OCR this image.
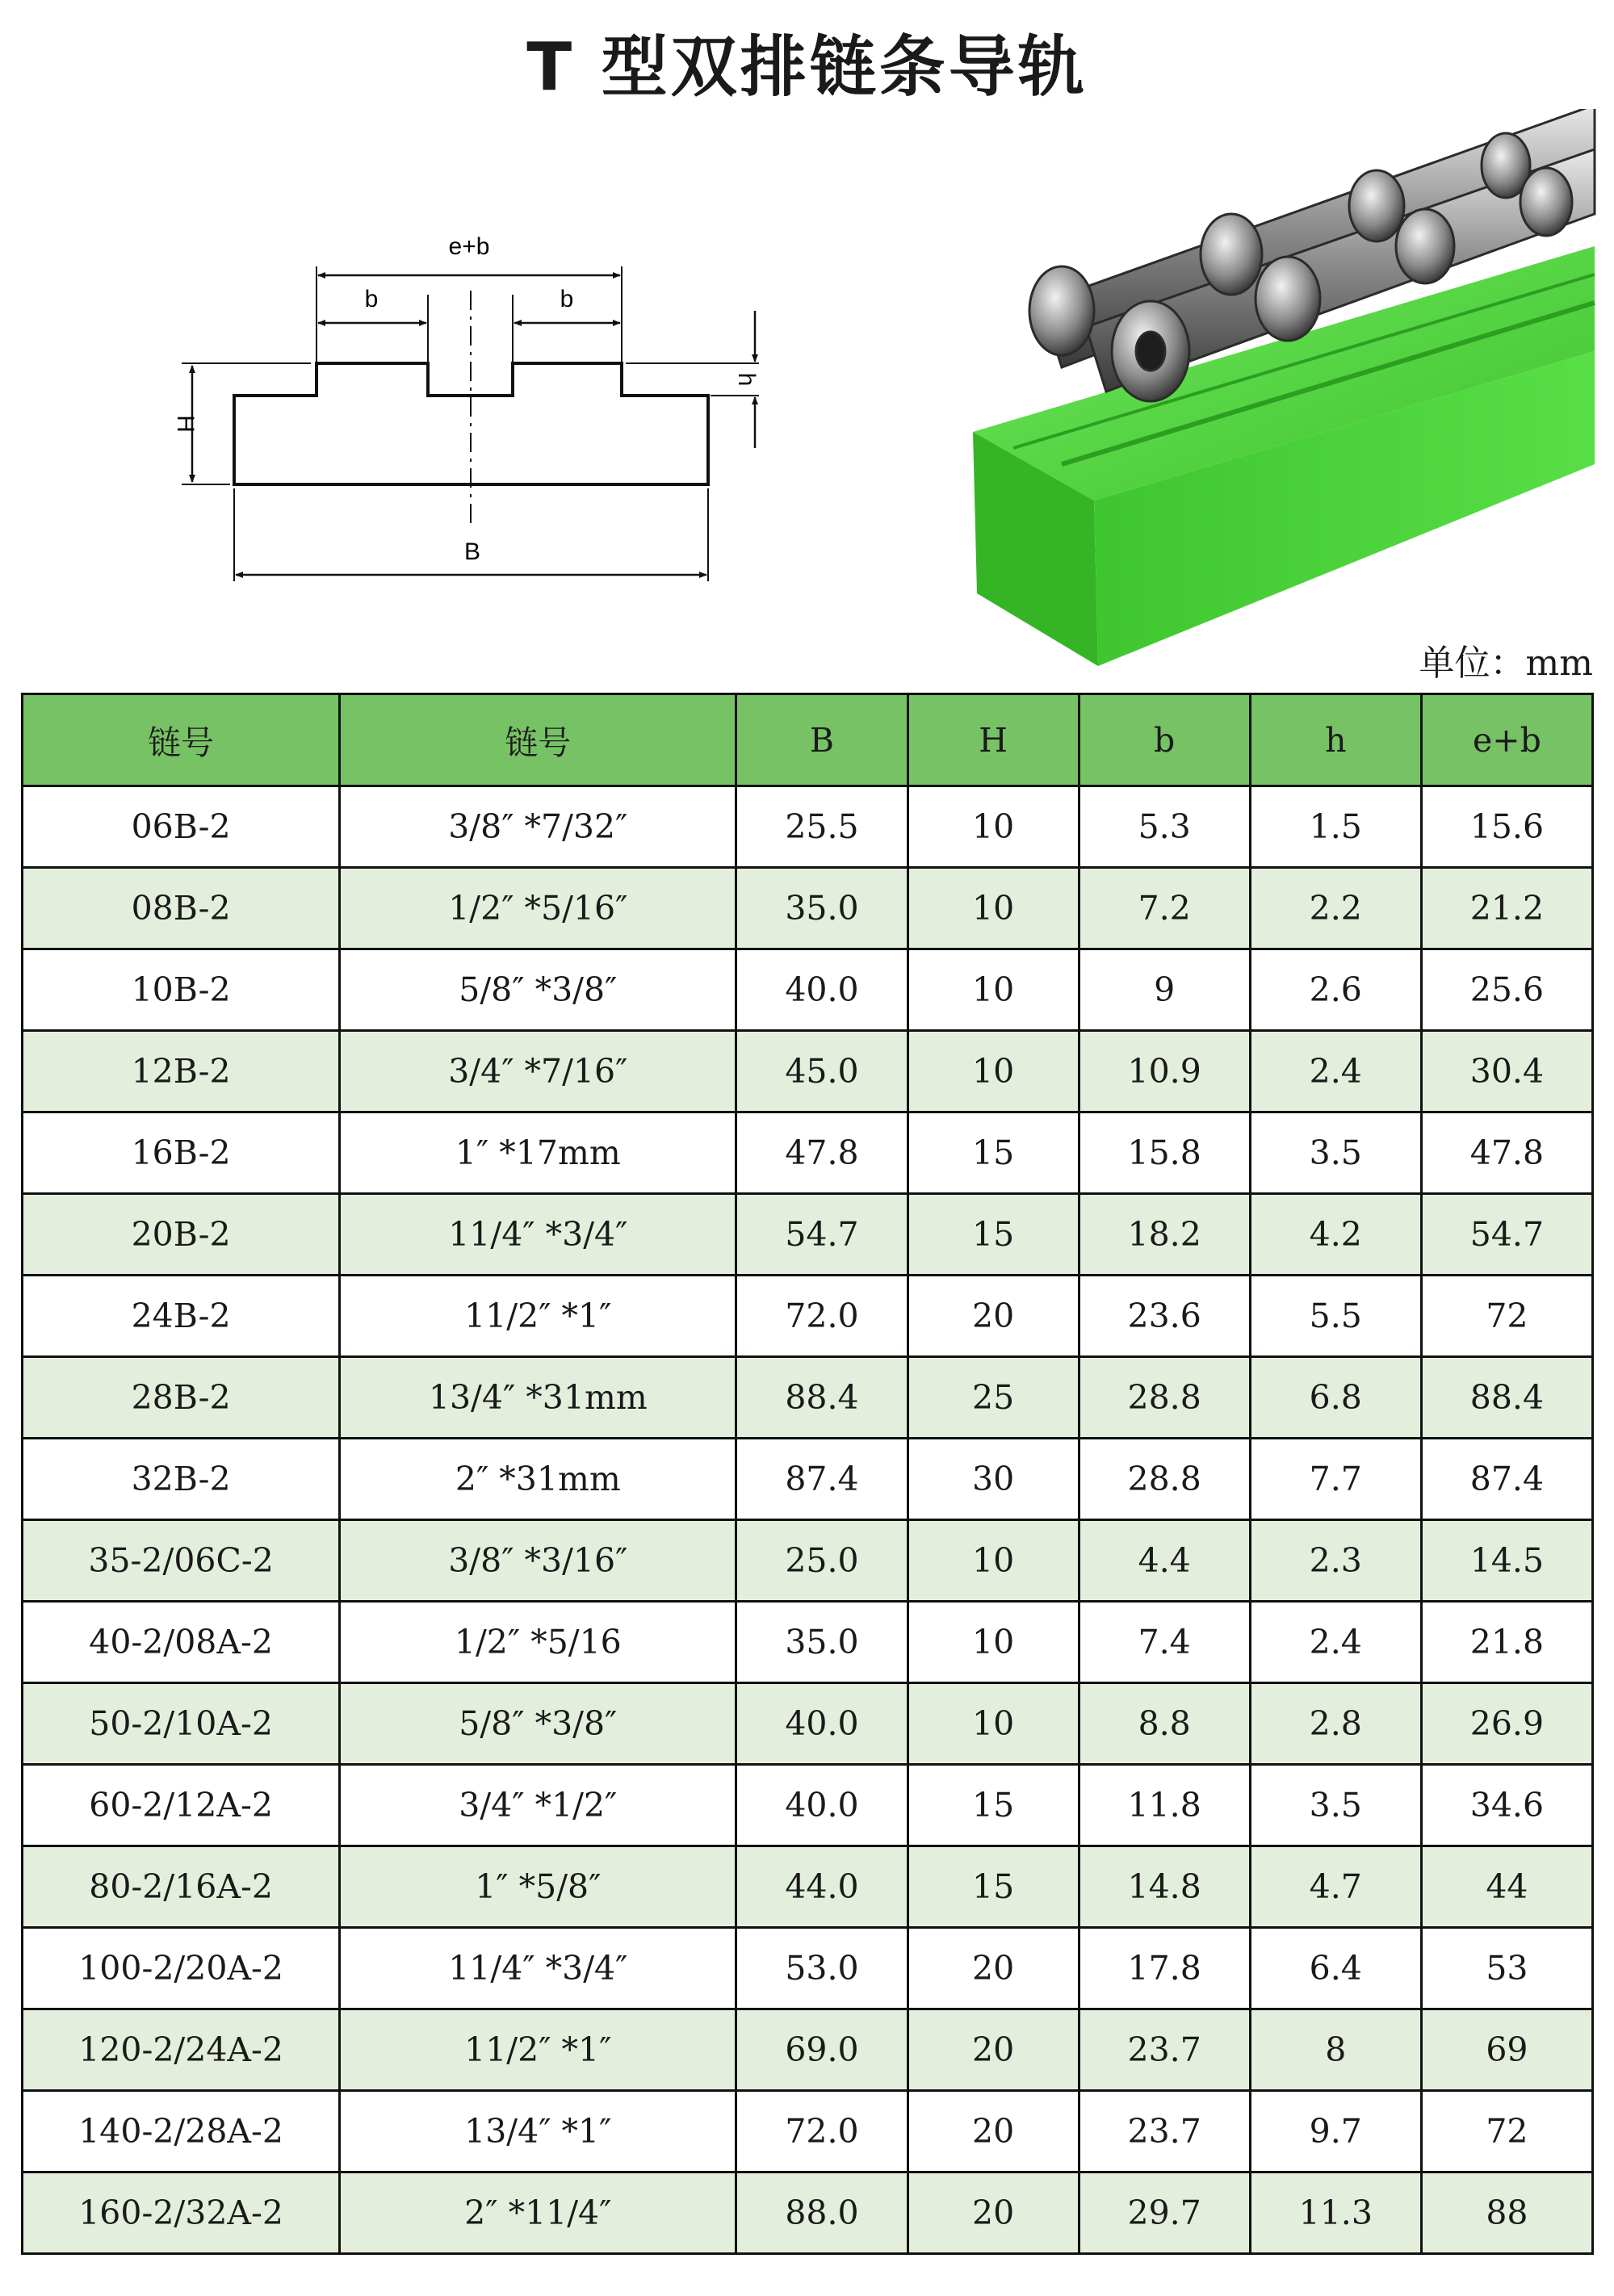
T 型双排链条导轨
e+b
b	b
H
h
B
单位：mm
链号	链号	B	H	b	h	e+b
06B-2	3/8″ *7/32″	25.5	10	5.3	1.5	15.6
08B-2	1/2″ *5/16″	35.0	10	7.2	2.2	21.2
10B-2	5/8″ *3/8″	40.0	10	9	2.6	25.6
12B-2	3/4″ *7/16″	45.0	10	10.9	2.4	30.4
16B-2	1″ *17mm	47.8	15	15.8	3.5	47.8
20B-2	11/4″ *3/4″	54.7	15	18.2	4.2	54.7
24B-2	11/2″ *1″	72.0	20	23.6	5.5	72
28B-2	13/4″ *31mm	88.4	25	28.8	6.8	88.4
32B-2	2″ *31mm	87.4	30	28.8	7.7	87.4
35-2/06C-2	3/8″ *3/16″	25.0	10	4.4	2.3	14.5
40-2/08A-2	1/2″ *5/16	35.0	10	7.4	2.4	21.8
50-2/10A-2	5/8″ *3/8″	40.0	10	8.8	2.8	26.9
60-2/12A-2	3/4″ *1/2″	40.0	15	11.8	3.5	34.6
80-2/16A-2	1″ *5/8″	44.0	15	14.8	4.7	44
100-2/20A-2	11/4″ *3/4″	53.0	20	17.8	6.4	53
120-2/24A-2	11/2″ *1″	69.0	20	23.7	8	69
140-2/28A-2	13/4″ *1″	72.0	20	23.7	9.7	72
160-2/32A-2	2″ *11/4″	88.0	20	29.7	11.3	88
